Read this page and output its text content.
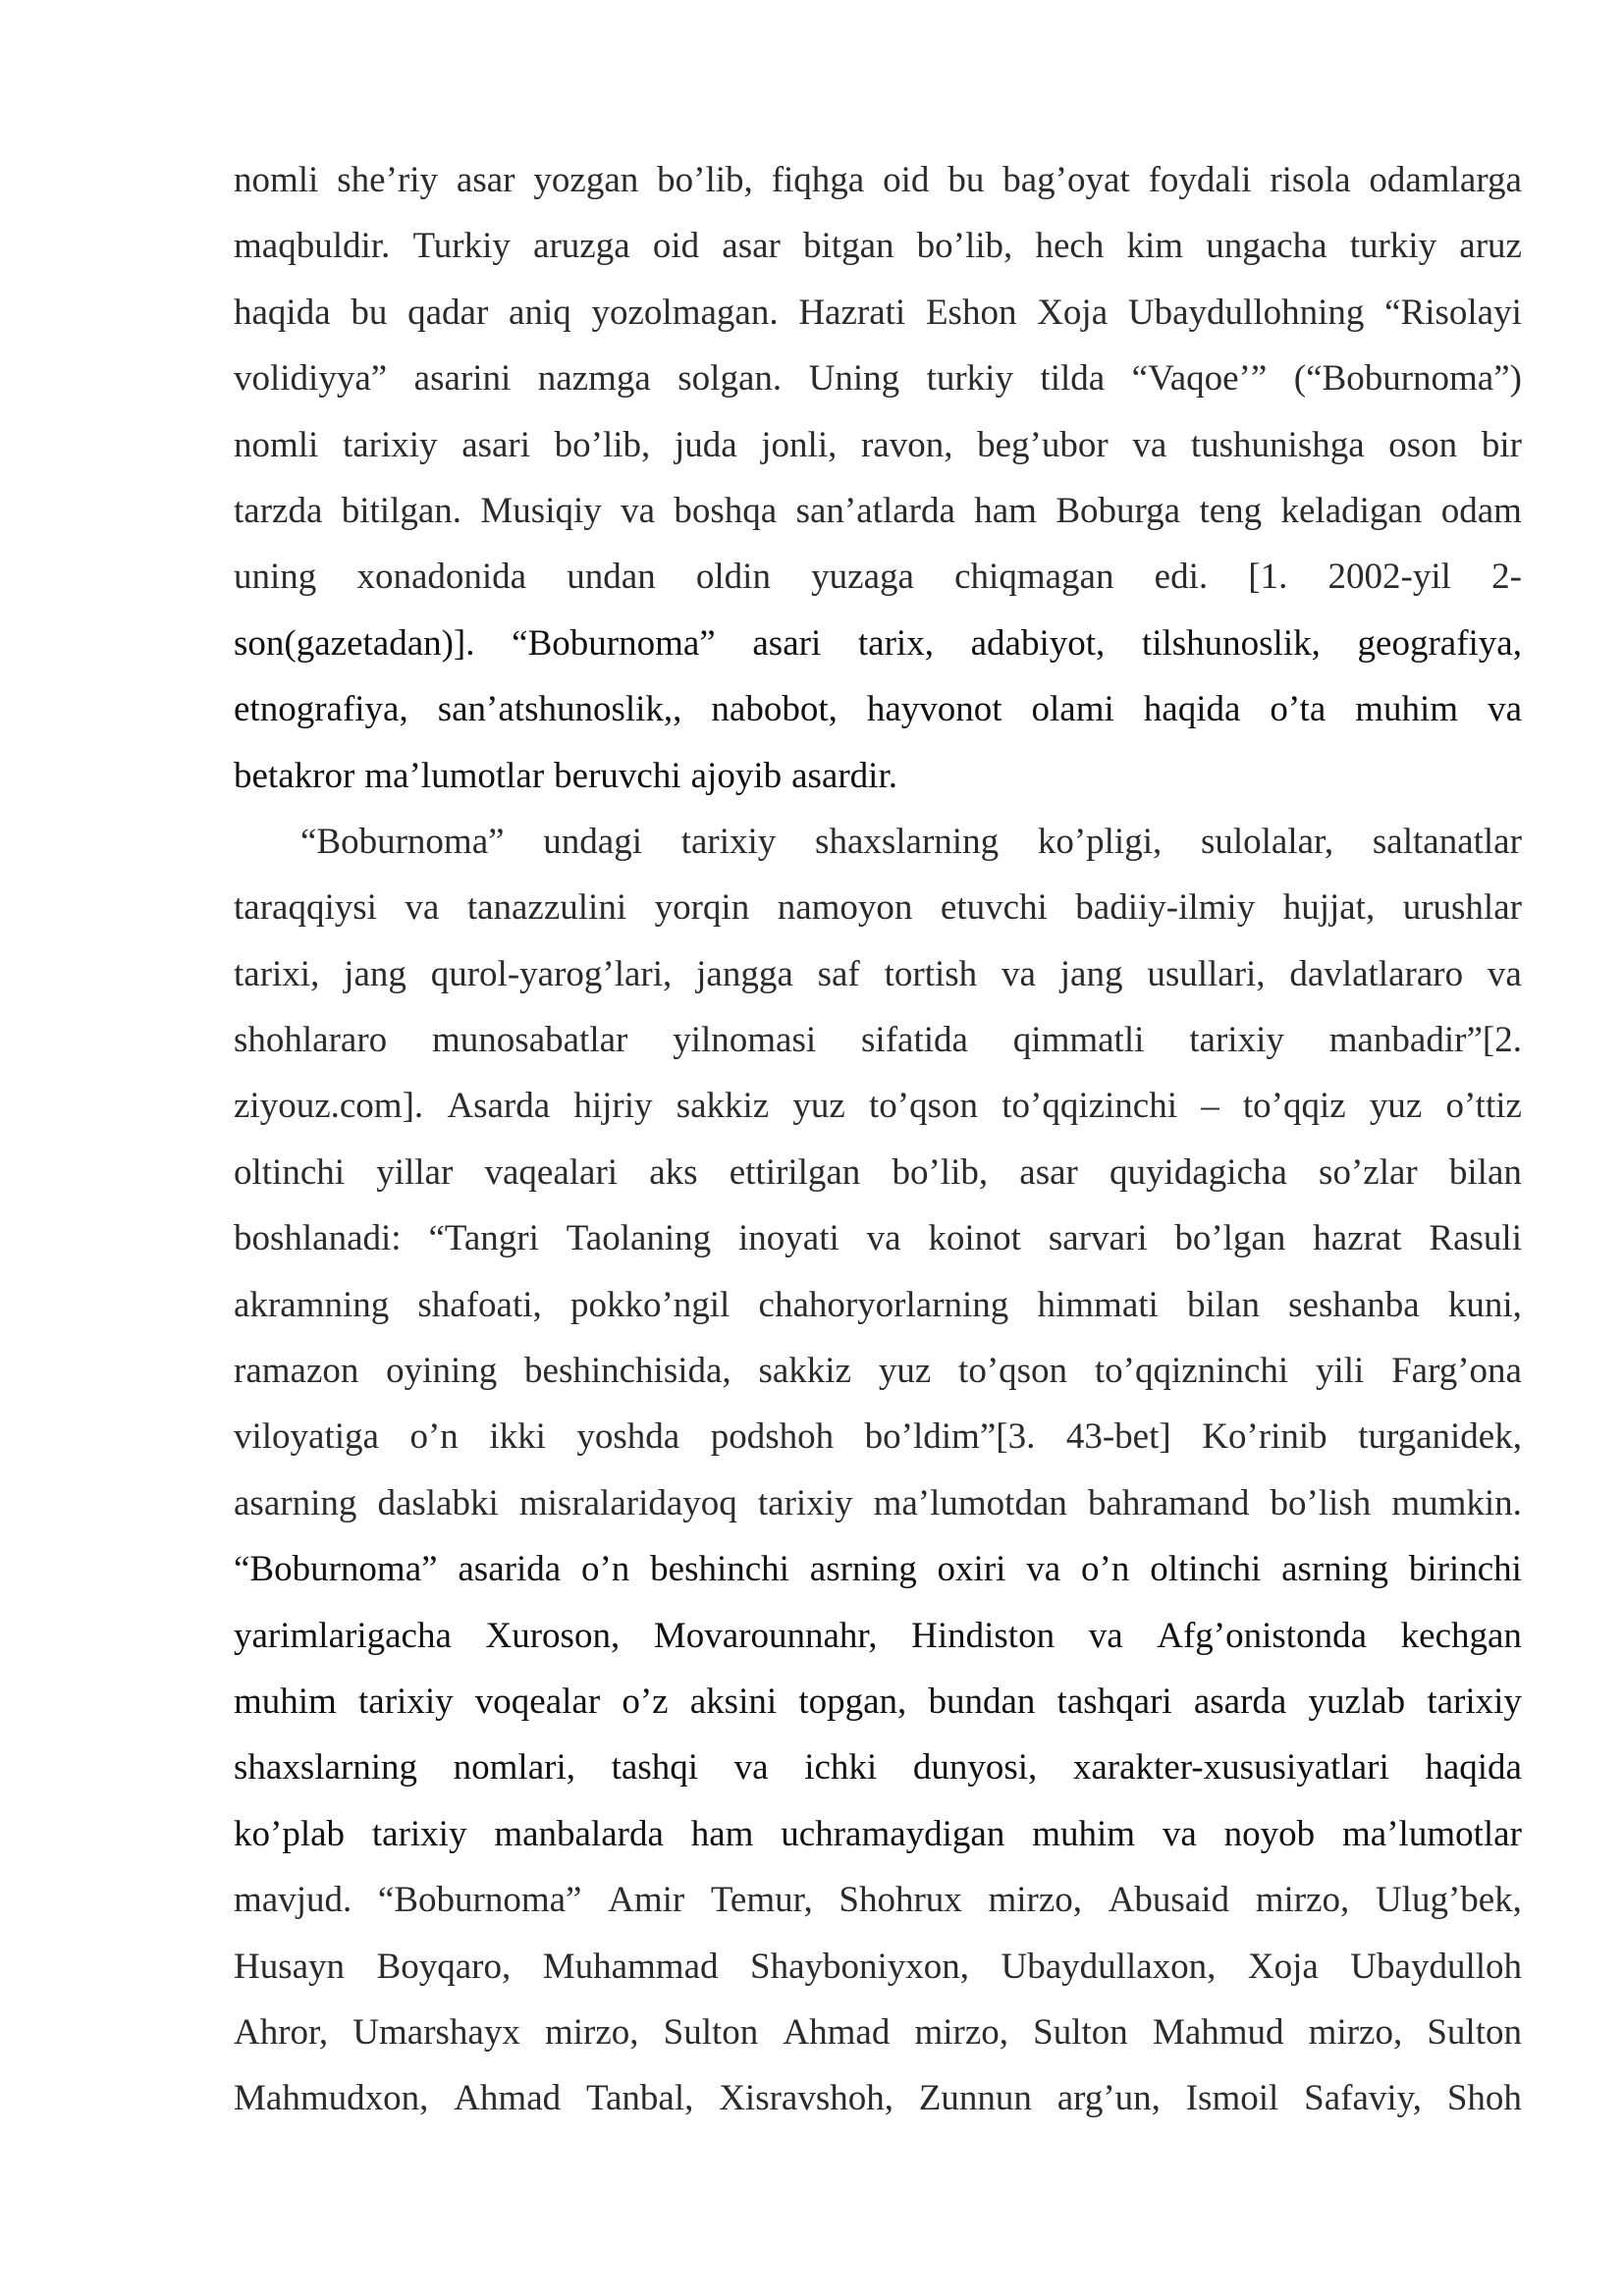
nomli she’riy asar yozgan bo’lib, fiqhga oid bu bag’oyat foydali risola odamlarga
maqbuldir. Turkiy aruzga oid asar bitgan bo’lib, hech kim ungacha turkiy aruz
haqida bu qadar aniq yozolmagan. Hazrati Eshon Xoja Ubaydullohning “Risolayi
volidiyya” asarini nazmga solgan. Uning turkiy tilda “Vaqoe’” (“Boburnoma”)
nomli tarixiy asari bo’lib, juda jonli, ravon, beg’ubor va tushunishga oson bir
tarzda bitilgan. Musiqiy va boshqa san’atlarda ham Boburga teng keladigan odam
uning xonadonida undan oldin yuzaga chiqmagan edi. [1. 2002-yil 2-
son(gazetadan)]. “Boburnoma” asari tarix, adabiyot, tilshunoslik, geografiya,
etnografiya, san’atshunoslik,, nabobot, hayvonot olami haqida o’ta muhim va
betakror ma’lumotlar beruvchi ajoyib asardir.
“Boburnoma” undagi tarixiy shaxslarning ko’pligi, sulolalar, saltanatlar
taraqqiysi va tanazzulini yorqin namoyon etuvchi badiiy-ilmiy hujjat, urushlar
tarixi, jang qurol-yarog’lari, jangga saf tortish va jang usullari, davlatlararo va
shohlararo munosabatlar yilnomasi sifatida qimmatli tarixiy manbadir”[2.
ziyouz.com]. Asarda hijriy sakkiz yuz to’qson to’qqizinchi – to’qqiz yuz o’ttiz
oltinchi yillar vaqealari aks ettirilgan bo’lib, asar quyidagicha so’zlar bilan
boshlanadi: “Tangri Taolaning inoyati va koinot sarvari bo’lgan hazrat Rasuli
akramning shafoati, pokko’ngil chahoryorlarning himmati bilan seshanba kuni,
ramazon oyining beshinchisida, sakkiz yuz to’qson to’qqizninchi yili Farg’ona
viloyatiga o’n ikki yoshda podshoh bo’ldim”[3. 43-bet] Ko’rinib turganidek,
asarning daslabki misralaridayoq tarixiy ma’lumotdan bahramand bo’lish mumkin.
“Boburnoma” asarida o’n beshinchi asrning oxiri va o’n oltinchi asrning birinchi
yarimlarigacha Xuroson, Movarounnahr, Hindiston va Afg’onistonda kechgan
muhim tarixiy voqealar o’z aksini topgan, bundan tashqari asarda yuzlab tarixiy
shaxslarning nomlari, tashqi va ichki dunyosi, xarakter-xususiyatlari haqida
ko’plab tarixiy manbalarda ham uchramaydigan muhim va noyob ma’lumotlar
mavjud. “Boburnoma” Amir Temur, Shohrux mirzo, Abusaid mirzo, Ulug’bek,
Husayn Boyqaro, Muhammad Shayboniyxon, Ubaydullaxon, Xoja Ubaydulloh
Ahror, Umarshayx mirzo, Sulton Ahmad mirzo, Sulton Mahmud mirzo, Sulton
Mahmudxon, Ahmad Tanbal, Xisravshoh, Zunnun arg’un, Ismoil Safaviy, Shoh
